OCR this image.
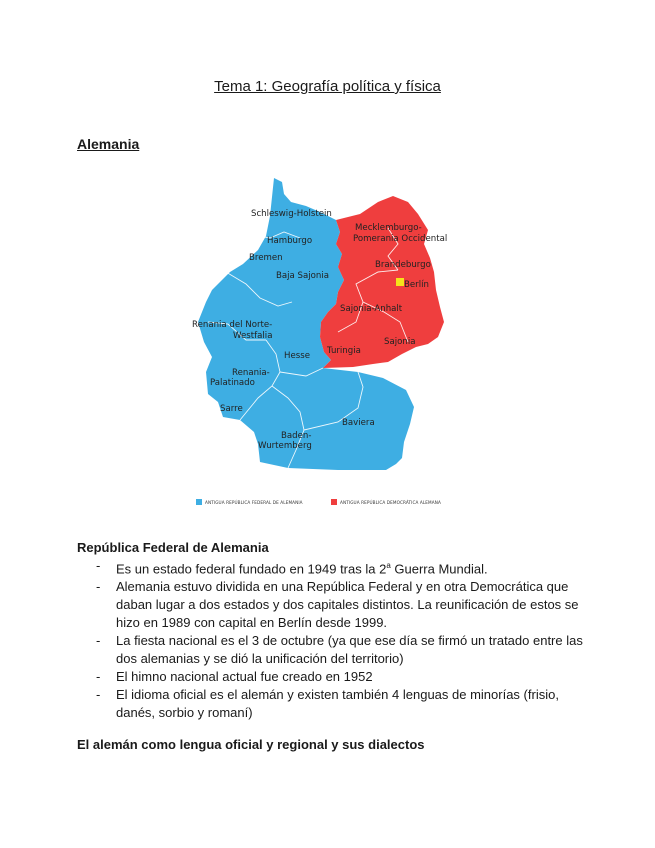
Tema 1: Geografía política y física
Alemania
Schleswig-Holstein
Mecklemburgo-
Pomerania Occidental
Hamburgo
Bremen
Brandeburgo
Berlín
Baja Sajonia
Sajonia-Anhalt
Renania del Norte-
Westfalia
Hesse
Sajonia
Turingia
Renania-
Palatinado
Sarre
Baviera
Baden-
Wurtemberg
ANTIGUA REPÚBLICA FEDERAL DE ALEMANIA	ANTIGUA REPÚBLICA DEMOCRÁTICA ALEMANA
República Federal de Alemania
- Es un estado federal fundado en 1949 tras la 2$^a$ Guerra Mundial.
- Alemania estuvo dividida en una República Federal y en otra Democrática que daban lugar a dos estados y dos capitales distintos. La reunificación de estos se hizo en 1989 con capital en Berlín desde 1999.
- La fiesta nacional es el 3 de octubre (ya que ese día se firmó un tratado entre las dos alemanias y se dió la unificación del territorio)
- El himno nacional actual fue creado en 1952
- El idioma oficial es el alemán y existen también 4 lenguas de minorías (frisio, danés, sorbio y romaní)
El alemán como lengua oficial y regional y sus dialectos
